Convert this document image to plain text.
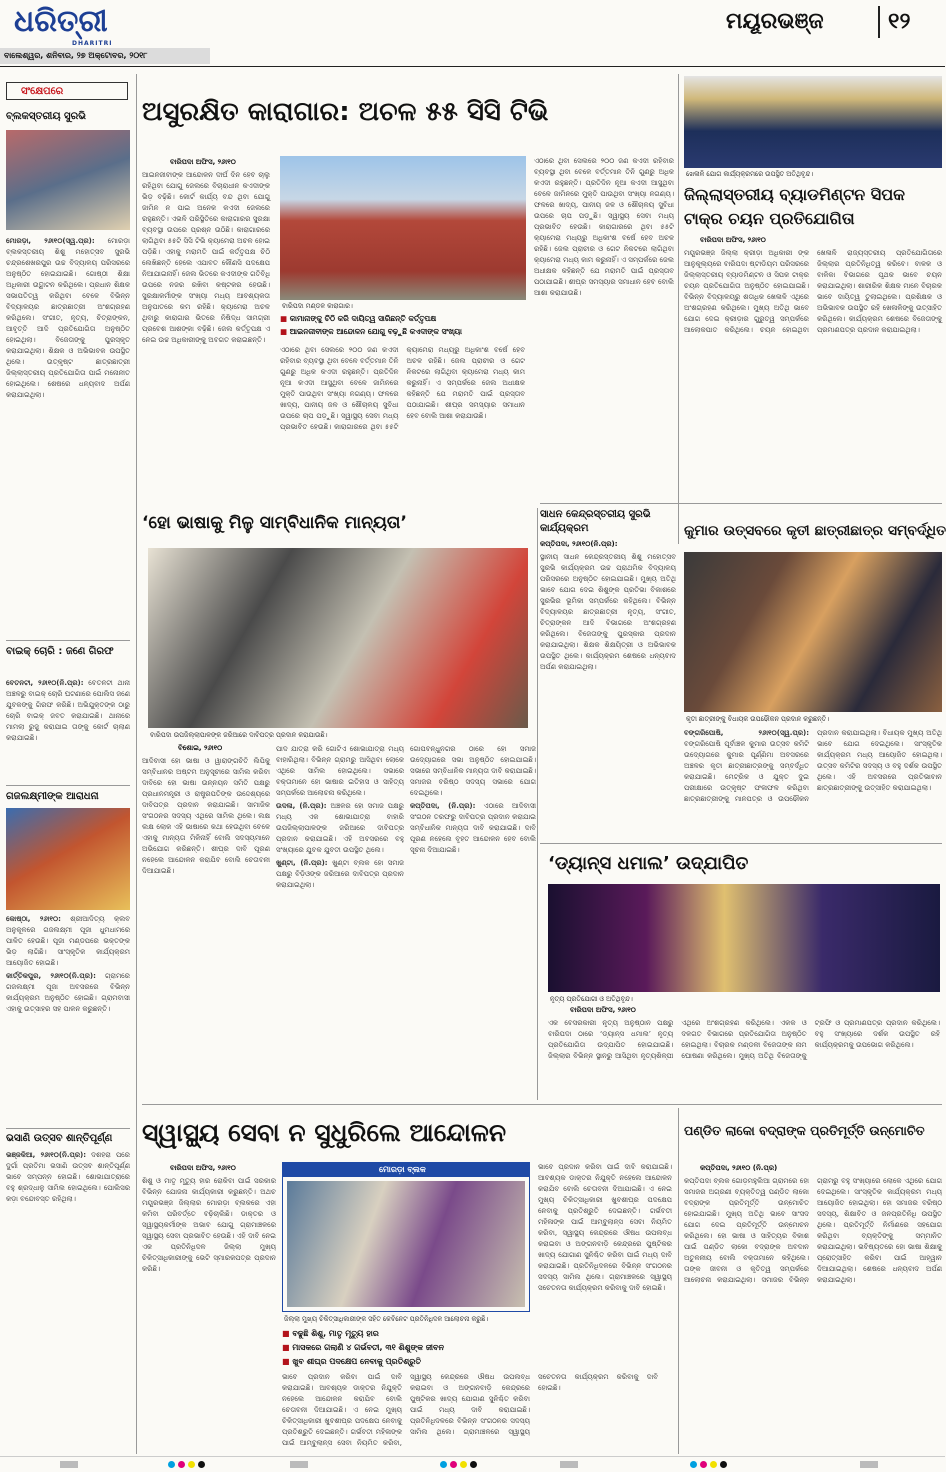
ଧରିତ୍ରୀ
DHARITRI
ବାଲେଶ୍ୱର, ଶନିବାର, ୨୭ ଅକ୍ଟୋବର, ୨୦୧୮
ମୟୂରଭଞ୍ଜ	୧୨
ସଂକ୍ଷେପରେ
ବ୍ଲକସ୍ତରୀୟ ସୁରଭି

ମୋରଡ଼ା, ୨୬ା୧୦(ସ୍ୱ.ପ୍ର): ମୋରଡ଼ା ବ୍ଲକସ୍ତରୀୟ ଶିଶୁ ମହୋତ୍ସବ ସୁରଭି ଚନ୍ଦ୍ରଶେଖରପୁର ଉଚ୍ଚ ବିଦ୍ୟାଳୟ ପରିସରରେ ଅନୁଷ୍ଠିତ ହୋଇଯାଇଛି। ଗୋଷ୍ଠୀ ଶିକ୍ଷା ଅଧିକାରୀ ଉଦ୍ଘାଟନ କରିଥିଲେ। ପ୍ରଧାନ ଶିକ୍ଷକ ସଭାପତିତ୍ୱ କରିଥିବା ବେଳେ ବିଭିନ୍ନ ବିଦ୍ୟାଳୟର ଛାତ୍ରଛାତ୍ରୀ ଅଂଶଗ୍ରହଣ କରିଥିଲେ। ସଂଗୀତ, ନୃତ୍ୟ, ଚିତ୍ରାଙ୍କନ, ଆବୃତ୍ତି ଆଦି ପ୍ରତିଯୋଗିତା ଅନୁଷ୍ଠିତ ହୋଇଥିଲା। ବିଜେତାଙ୍କୁ ପୁରସ୍କୃତ କରାଯାଇଥିଲା। ଶିକ୍ଷକ ଓ ଅଭିଭାବକ ଉପସ୍ଥିତ ଥିଲେ। ଉତ୍କୃଷ୍ଟ ଛାତ୍ରଛାତ୍ରୀ ଜିଲ୍ଲାସ୍ତରୀୟ ପ୍ରତିଯୋଗିତା ପାଇଁ ମନୋନୀତ ହୋଇଥିଲେ। ଶେଷରେ ଧନ୍ୟବାଦ ଅର୍ପଣ କରାଯାଇଥିଲା।

ବାଇକ୍ ଚୋରି : ଜଣେ ଗିରଫ

ବେତନଟୀ, ୨୬ା୧୦(ନି.ପ୍ର): ବେତନଟୀ ଥାନା ଅଞ୍ଚଳରୁ ବାଇକ୍ ଚୋରି ଘଟଣାରେ ପୋଲିସ ଜଣେ ଯୁବକଙ୍କୁ ଗିରଫ କରିଛି। ଅଭିଯୁକ୍ତଙ୍କ ଠାରୁ ଚୋରି ବାଇକ୍ ଜବତ କରାଯାଇଛି। ଥାନାରେ ମାମଲା ରୁଜୁ କରାଯାଇ ତାଙ୍କୁ କୋର୍ଟ ଚାଲାଣ କରାଯାଇଛି।

ଗଜଲକ୍ଷ୍ମୀଙ୍କ ଆରାଧନା

କୋଷ୍ଠା, ୨୬ା୧୦: ଶ୍ରୀଆଦିତ୍ୟ କ୍ଲବ ଅନୁକୂଳରେ ଗଜଲକ୍ଷ୍ମୀ ପୂଜା ଧୁମଧାମରେ ପାଳିତ ହେଉଛି। ପୂଜା ମଣ୍ଡପରେ ଭକ୍ତଙ୍କ ଭିଡ଼ ଲାଗିଛି। ସାଂସ୍କୃତିକ କାର୍ଯ୍ୟକ୍ରମ ଆୟୋଜିତ ହୋଇଛି।

କାର୍ତ୍ତିକପୁର, ୨୬ା୧୦(ନି.ପ୍ର): ଗ୍ରାମରେ ଗଜଲକ୍ଷ୍ମୀ ପୂଜା ଅବସରରେ ବିଭିନ୍ନ କାର୍ଯ୍ୟକ୍ରମ ଅନୁଷ୍ଠିତ ହୋଇଛି। ଗ୍ରାମବାସୀ ଏହାକୁ ଉତ୍ସାହର ସହ ପାଳନ କରୁଛନ୍ତି।

ଭସାଣି ଉତ୍ସବ ଶାନ୍ତିପୂର୍ଣ୍ଣ

ଭଞ୍ଜକିଆ, ୨୬ା୧୦(ନି.ପ୍ର): ଦଶହରା ପରେ ଦୁର୍ଗା ପ୍ରତିମା ଭସାଣି ଉତ୍ସବ ଶାନ୍ତିପୂର୍ଣ୍ଣ ଭାବେ ସମ୍ପନ୍ନ ହୋଇଛି। ଶୋଭାଯାତ୍ରାରେ ବହୁ ଶ୍ରଦ୍ଧାଳୁ ସାମିଲ ହୋଇଥିଲେ। ପୋଲିସର କଡ଼ା ବନ୍ଦୋବସ୍ତ ରହିଥିଲା।

ଅସୁରକ୍ଷିତ କାରାଗାର: ଅଚଳ ୫୫ ସିସି ଟିଭି
ବାରିପଦା ଅଫିସ, ୨୬ା୧୦
ଆଇନଜୀବୀଙ୍କ ଆନ୍ଦୋଳନ ଦୀର୍ଘ ଦିନ ହେବ ଚାଲୁ ରହିଥିବା ଯୋଗୁ ଜେଲରେ ବିଚାରାଧୀନ କଏଦୀଙ୍କ ଭିଡ଼ ବଢ଼ିଛି। କୋର୍ଟ କାର୍ଯ୍ୟ ବନ୍ଦ ଥିବା ଯୋଗୁ ଜାମିନ ନ ପାଇ ଅନେକ କଏଦୀ ଜେଲରେ ରହୁଛନ୍ତି। ଏଭଳି ପରିସ୍ଥିତିରେ କାରାଗାରର ସୁରକ୍ଷା ବ୍ୟବସ୍ଥା ଉପରେ ପ୍ରଶ୍ନ ଉଠିଛି। କାରାଗାରରେ ଲାଗିଥିବା ୫୫ଟି ସିସି ଟିଭି କ୍ୟାମେରା ଅଚଳ ହୋଇ ପଡ଼ିଛି। ଏହାକୁ ମରାମତି ପାଇଁ କର୍ତ୍ତୃପକ୍ଷ ଚିଠି ଲେଖିଛନ୍ତି ହେଲେ ଏଯାବତ କୌଣସି ପଦକ୍ଷେପ ନିଆଯାଇନାହିଁ। ଜେଲ ଭିତରେ କଏଦୀଙ୍କ ଗତିବିଧି ଉପରେ ନଜର ରଖିବା କଷ୍ଟକର ହେଉଛି। ସୁରକ୍ଷାକର୍ମୀଙ୍କ ସଂଖ୍ୟା ମଧ୍ୟ ଆବଶ୍ୟକତା ଅନୁପାତରେ କମ ରହିଛି। କ୍ୟାମେରା ଅଚଳ ଥିବାରୁ କାରାଗାର ଭିତରେ ନିଷିଦ୍ଧ ସାମଗ୍ରୀ ପ୍ରବେଶ ଆଶଙ୍କା ବଢ଼ିଛି। ଜେଲ କର୍ତ୍ତୃପକ୍ଷ ଏ ନେଇ ଉଚ୍ଚ ଅଧିକାରୀଙ୍କୁ ଅବଗତ କରାଇଛନ୍ତି।
ବାରିପଦା ମଣ୍ଡଳ କାରାଗାର।
■ କାମାନାଙ୍କୁ ଚିଠି କରି ଦାୟିତ୍ୱ ସାରିଛନ୍ତି କର୍ତ୍ତୃପକ୍ଷ
■ ଆଇନଜୀବୀଙ୍କ ଆନ୍ଦୋଳନ ଯୋଗୁ ବଢ଼ୁଛି କଏଦୀଙ୍କ ସଂଖ୍ୟା
ଏଠାରେ ଥିବା ସେଲରେ ୨୦୦ ଜଣ କଏଦୀ ରହିବାର ବ୍ୟବସ୍ଥା ଥିବା ବେଳେ ବର୍ତ୍ତମାନ ତିନି ଗୁଣରୁ ଅଧିକ କଏଦୀ ରହୁଛନ୍ତି। ପ୍ରତିଦିନ ନୂଆ କଏଦୀ ଆସୁଥିବା ବେଳେ ଜାମିନରେ ମୁକ୍ତି ପାଉଥିବା ସଂଖ୍ୟା ନଗଣ୍ୟ। ଫଳରେ ଖାଦ୍ୟ, ପାନୀୟ ଜଳ ଓ ଶୌଚାଳୟ ସୁବିଧା ଉପରେ ଚାପ ପଡ଼ୁଛି। ସ୍ୱାସ୍ଥ୍ୟ ସେବା ମଧ୍ୟ ପ୍ରଭାବିତ ହେଉଛି। କାରାଗାରରେ ଥିବା ୫୫ଟି କ୍ୟାମେରା ମଧ୍ୟରୁ ଅଧିକାଂଶ ବର୍ଷେ ହେବ ଅଚଳ ରହିଛି। ଜେଲ ପ୍ରାଚୀର ଓ ଗେଟ ନିକଟରେ ଲାଗିଥିବା କ୍ୟାମେରା ମଧ୍ୟ କାମ କରୁନାହିଁ। ଏ ସମ୍ପର୍କରେ ଜେଲ ଅଧୀକ୍ଷକ କହିଛନ୍ତି ଯେ ମରାମତି ପାଇଁ ପ୍ରସ୍ତାବ ପଠାଯାଇଛି। ଶୀଘ୍ର ସମସ୍ୟାର ସମାଧାନ ହେବ ବୋଲି ଆଶା କରାଯାଉଛି।
ଏଠାରେ ଥିବା ସେଲରେ ୨୦୦ ଜଣ କଏଦୀ ରହିବାର ବ୍ୟବସ୍ଥା ଥିବା ବେଳେ ବର୍ତ୍ତମାନ ତିନି ଗୁଣରୁ ଅଧିକ କଏଦୀ ରହୁଛନ୍ତି। ପ୍ରତିଦିନ ନୂଆ କଏଦୀ ଆସୁଥିବା ବେଳେ ଜାମିନରେ ମୁକ୍ତି ପାଉଥିବା ସଂଖ୍ୟା ନଗଣ୍ୟ। ଫଳରେ ଖାଦ୍ୟ, ପାନୀୟ ଜଳ ଓ ଶୌଚାଳୟ ସୁବିଧା ଉପରେ ଚାପ ପଡ଼ୁଛି। ସ୍ୱାସ୍ଥ୍ୟ ସେବା ମଧ୍ୟ ପ୍ରଭାବିତ ହେଉଛି। କାରାଗାରରେ ଥିବା ୫୫ଟି କ୍ୟାମେରା ମଧ୍ୟରୁ ଅଧିକାଂଶ ବର୍ଷେ ହେବ ଅଚଳ ରହିଛି। ଜେଲ ପ୍ରାଚୀର ଓ ଗେଟ ନିକଟରେ ଲାଗିଥିବା କ୍ୟାମେରା ମଧ୍ୟ କାମ କରୁନାହିଁ। ଏ ସମ୍ପର୍କରେ ଜେଲ ଅଧୀକ୍ଷକ କହିଛନ୍ତି ଯେ ମରାମତି ପାଇଁ ପ୍ରସ୍ତାବ ପଠାଯାଇଛି। ଶୀଘ୍ର ସମସ୍ୟାର ସମାଧାନ ହେବ ବୋଲି ଆଶା କରାଯାଉଛି।
ସାଧନ କେନ୍ଦ୍ରସ୍ତରୀୟ ସୁରଭି କାର୍ଯ୍ୟକ୍ରମ
କପ୍ତିପଦା, ୨୬ା୧୦(ନି.ପ୍ର):
ସ୍ଥାନୀୟ ସାଧନ କେନ୍ଦ୍ରସ୍ତରୀୟ ଶିଶୁ ମହୋତ୍ସବ ସୁରଭି କାର୍ଯ୍ୟକ୍ରମ ଉଚ୍ଚ ପ୍ରାଥମିକ ବିଦ୍ୟାଳୟ ପରିସରରେ ଅନୁଷ୍ଠିତ ହୋଇଯାଇଛି। ମୁଖ୍ୟ ଅତିଥି ଭାବେ ଯୋଗ ଦେଇ ଶିଶୁଙ୍କ ପ୍ରତିଭା ବିକାଶରେ ସୁରଭିର ଭୂମିକା ସମ୍ପର୍କରେ କହିଥିଲେ। ବିଭିନ୍ନ ବିଦ୍ୟାଳୟର ଛାତ୍ରଛାତ୍ରୀ ନୃତ୍ୟ, ସଂଗୀତ, ଚିତ୍ରାଙ୍କନ ଆଦି ବିଭାଗରେ ଅଂଶଗ୍ରହଣ କରିଥିଲେ। ବିଜେତାଙ୍କୁ ପୁରସ୍କାର ପ୍ରଦାନ କରାଯାଇଥିଲା। ଶିକ୍ଷକ ଶିକ୍ଷୟିତ୍ରୀ ଓ ଅଭିଭାବକ ଉପସ୍ଥିତ ଥିଲେ। କାର୍ଯ୍ୟକ୍ରମ ଶେଷରେ ଧନ୍ୟବାଦ ଅର୍ପଣ କରାଯାଇଥିଲା।
ଖେଳାଳି ଯୋଗ କାର୍ଯ୍ୟକ୍ରମରେ ଉପସ୍ଥିତ ଅତିଥିବୃନ୍ଦ।
ଜିଲ୍ଲାସ୍ତରୀୟ ବ୍ୟାଡମିଣ୍ଟନ ସିପକ ଟାକ୍ର ଚୟନ ପ୍ରତିଯୋଗିତା
ବାରିପଦା ଅଫିସ, ୨୬ା୧୦
ମୟୂରଭଞ୍ଜ ଜିଲ୍ଲା କ୍ରୀଡ଼ା ଅଧିକାରୀ ଙ୍କ ଆନୁକୂଲ୍ୟରେ ବାରିପଦା ଷ୍ଟାଡିୟମ ପରିସରରେ ଜିଲ୍ଲାସ୍ତରୀୟ ବ୍ୟାଡମିଣ୍ଟନ ଓ ସିପକ ଟାକ୍ର ଚୟନ ପ୍ରତିଯୋଗିତା ଅନୁଷ୍ଠିତ ହୋଇଯାଇଛି। ବିଭିନ୍ନ ବିଦ୍ୟାଳୟରୁ ଶତାଧିକ ଖେଳାଳି ଏଥିରେ ଅଂଶଗ୍ରହଣ କରିଥିଲେ। ମୁଖ୍ୟ ଅତିଥି ଭାବେ ଯୋଗ ଦେଇ କ୍ରୀଡ଼ାର ଗୁରୁତ୍ୱ ସମ୍ପର୍କରେ ଆଲୋକପାତ କରିଥିଲେ। ଚୟନ ହୋଇଥିବା ଖେଳାଳି ରାଜ୍ୟସ୍ତରୀୟ ପ୍ରତିଯୋଗିତାରେ ଜିଲ୍ଲାର ପ୍ରତିନିଧିତ୍ୱ କରିବେ। ବାଳକ ଓ ବାଳିକା ବିଭାଗରେ ପୃଥକ ଭାବେ ଚୟନ କରାଯାଇଥିଲା। ଶାରୀରିକ ଶିକ୍ଷକ ମାନେ ବିଚାରକ ଭାବେ ଦାୟିତ୍ୱ ତୁଲାଇଥିଲେ। ପ୍ରଶିକ୍ଷକ ଓ ଅଭିଭାବକ ଉପସ୍ଥିତ ରହି ଖେଳାଳିଙ୍କୁ ଉତ୍ସାହିତ କରିଥିଲେ। କାର୍ଯ୍ୟକ୍ରମ ଶେଷରେ ବିଜେତାଙ୍କୁ ପ୍ରମାଣପତ୍ର ପ୍ରଦାନ କରାଯାଇଥିଲା।
‘ହୋ ଭାଷାକୁ ମିଳୁ ସାମ୍ବିଧାନିକ ମାନ୍ୟତା’
ବାରିପଦା ଉପଜିଲ୍ଲାପାଳଙ୍କ ଜରିଆରେ ଦାବିପତ୍ର ପ୍ରଦାନ କରାଯାଉଛି।
ବିଶୋଇ, ୨୬ା୧୦
ଆଦିବାସୀ ହୋ ଭାଷା ଓ ୱାରାଙ୍ଗଚିତି ଲିପିକୁ ସମ୍ବିଧାନର ଅଷ୍ଟମ ଅନୁସୂଚୀରେ ସାମିଲ କରିବା ଦାବିରେ ହୋ ଭାଷା ଉନ୍ନୟନ ସମିତି ପକ୍ଷରୁ ପ୍ରଧାନମନ୍ତ୍ରୀ ଓ ରାଷ୍ଟ୍ରପତିଙ୍କ ଉଦ୍ଦେଶ୍ୟରେ ଦାବିପତ୍ର ପ୍ରଦାନ କରାଯାଇଛି। ସାମାଜିକ ସଂଗଠନର ସଦସ୍ୟ ଏଥିରେ ସାମିଲ ଥିଲେ। ଲକ୍ଷ ଲକ୍ଷ ଲୋକ ଏହି ଭାଷାରେ କଥା ହେଉଥିବା ବେଳେ ଏହାକୁ ମାନ୍ୟତା ମିଳିନାହିଁ ବୋଲି ସଦସ୍ୟମାନେ ଅଭିଯୋଗ କରିଛନ୍ତି। ଶୀଘ୍ର ଦାବି ପୂରଣ ନହେଲେ ଆନ୍ଦୋଳନ କରାଯିବ ବୋଲି ଚେତାବନୀ ଦିଆଯାଇଛି।

ପାଦ ଯାତ୍ରା କରି ଗୋଟିଏ ଶୋଭାଯାତ୍ରା ମଧ୍ୟ ବାହାରିଥିଲା। ବିଭିନ୍ନ ଗ୍ରାମରୁ ଆସିଥିବା ଲୋକେ ଏଥିରେ ସାମିଲ ହୋଇଥିଲେ। ସଭାରେ ବକ୍ତାମାନେ ହୋ ଭାଷାର ଇତିହାସ ଓ ସାହିତ୍ୟ ସମ୍ପର୍କରେ ଆଲୋଚନା କରିଥିଲେ।

ଉଦଳା, (ନି.ପ୍ର): ଅଞ୍ଚଳର ହୋ ସମାଜ ପକ୍ଷରୁ ମଧ୍ୟ ଏକ ଶୋଭାଯାତ୍ରା ବାହାରି ଉପଜିଲ୍ଲାପାଳଙ୍କ ଜରିଆରେ ଦାବିପତ୍ର ପ୍ରଦାନ କରାଯାଇଛି। ଏହି ଅବସରରେ ବହୁ ସଂଖ୍ୟାରେ ଯୁବକ ଯୁବତୀ ଉପସ୍ଥିତ ଥିଲେ।

ଖୁଣ୍ଟା, (ନି.ପ୍ର): ଖୁଣ୍ଟା ବ୍ଲକ ହୋ ସମାଜ ପକ୍ଷରୁ ବିଡ଼ିଓଙ୍କ ଜରିଆରେ ଦାବିପତ୍ର ପ୍ରଦାନ କରାଯାଇଥିଲା।

ଗୋପବନ୍ଧୁନଗର ଠାରେ ହୋ ସମାଜ ଉଦ୍ୟୋଗରେ ସଭା ଅନୁଷ୍ଠିତ ହୋଇଯାଇଛି। ସଭାରେ ସମ୍ବିଧାନିକ ମାନ୍ୟତା ଦାବି କରାଯାଇଛି। ସମାଜର ବରିଷ୍ଠ ସଦସ୍ୟ ସଭାରେ ଯୋଗ ଦେଇଥିଲେ।

କପ୍ତିପଦା, (ନି.ପ୍ର): ଏଠାରେ ଆଦିବାସୀ ସଂଗଠନ ତରଫରୁ ଦାବିପତ୍ର ପ୍ରଦାନ କରାଯାଇ ସମ୍ବିଧାନିକ ମାନ୍ୟତା ଦାବି କରାଯାଇଛି। ଦାବି ପୂରଣ ନହେଲେ ବୃହତ ଆନ୍ଦୋଳନ ହେବ ବୋଲି ସୂଚନା ଦିଆଯାଇଛି।

କୁମାର ଉତ୍ସବରେ କୃତୀ ଛାତ୍ରୀଛାତ୍ର ସମ୍ବର୍ଦ୍ଧିତ
କୃତୀ ଛାତ୍ରୀଙ୍କୁ ବିଧାୟକ ଉପଢୌକନ ପ୍ରଦାନ କରୁଛନ୍ତି।
ବଙ୍ଗରିପୋଷି, ୨୬ା୧୦(ସ୍ୱ.ପ୍ର): ବଙ୍ଗରିପୋଷି ପୂର୍ବାଞ୍ଚଳ କୁମାର ଉତ୍ସବ କମିଟି ଉଦ୍ୟୋଗରେ କୁମାର ପୂର୍ଣ୍ଣିମା ଅବସରରେ ଅଞ୍ଚଳର କୃତୀ ଛାତ୍ରୀଛାତ୍ରଙ୍କୁ ସମ୍ବର୍ଦ୍ଧିତ କରାଯାଇଛି। ମେଟ୍ରିକ ଓ ଯୁକ୍ତ ଦୁଇ ପରୀକ୍ଷାରେ ଉତ୍କୃଷ୍ଟ ଫଳାଫଳ କରିଥିବା ଛାତ୍ରଛାତ୍ରୀଙ୍କୁ ମାନପତ୍ର ଓ ଉପଢୌକନ ପ୍ରଦାନ କରାଯାଇଥିଲା। ବିଧାୟକ ମୁଖ୍ୟ ଅତିଥି ଭାବେ ଯୋଗ ଦେଇଥିଲେ। ସାଂସ୍କୃତିକ କାର୍ଯ୍ୟକ୍ରମ ମଧ୍ୟ ଆୟୋଜିତ ହୋଇଥିଲା। ଉତ୍ସବ କମିଟିର ସଦସ୍ୟ ଓ ବହୁ ଦର୍ଶକ ଉପସ୍ଥିତ ଥିଲେ। ଏହି ଅବସରରେ ପ୍ରତିଭାବାନ ଛାତ୍ରଛାତ୍ରୀଙ୍କୁ ଉତ୍ସାହିତ କରାଯାଇଥିଲା।
‘ଡ୍ୟାନ୍ସ ଧମାଲ’ ଉଦ୍ଯାପିତ
ନୃତ୍ୟ ପ୍ରତିଯୋଗୀ ଓ ଅତିଥିବୃନ୍ଦ।
ବାରିପଦା ଅଫିସ, ୨୬ା୧୦
ଏକ ବେସରକାରୀ ନୃତ୍ୟ ଅନୁଷ୍ଠାନ ପକ୍ଷରୁ ବାରିପଦା ଠାରେ ‘ଡ୍ୟାନ୍ସ ଧମାଲ’ ନୃତ୍ୟ ପ୍ରତିଯୋଗିତା ଉଦ୍ଯାପିତ ହୋଇଯାଇଛି। ଜିଲ୍ଲାର ବିଭିନ୍ନ ସ୍ଥାନରୁ ଆସିଥିବା ନୃତ୍ୟଶିଳ୍ପୀ ଏଥିରେ ଅଂଶଗ୍ରହଣ କରିଥିଲେ। ଏକକ ଓ ଦଳଗତ ବିଭାଗରେ ପ୍ରତିଯୋଗିତା ଅନୁଷ୍ଠିତ ହୋଇଥିଲା। ବିଚାରକ ମଣ୍ଡଳୀ ବିଜେତାଙ୍କ ନାମ ଘୋଷଣା କରିଥିଲେ। ମୁଖ୍ୟ ଅତିଥି ବିଜେତାଙ୍କୁ ଟ୍ରଫି ଓ ପ୍ରମାଣପତ୍ର ପ୍ରଦାନ କରିଥିଲେ। ବହୁ ସଂଖ୍ୟାରେ ଦର୍ଶକ ଉପସ୍ଥିତ ରହି କାର୍ଯ୍ୟକ୍ରମକୁ ଉପଭୋଗ କରିଥିଲେ।
ସ୍ୱାସ୍ଥ୍ୟ ସେବା ନ ସୁଧୁରିଲେ ଆନ୍ଦୋଳନ
ବାରିପଦା ଅଫିସ, ୨୬ା୧୦
ଶିଶୁ ଓ ମାତୃ ମୃତ୍ୟୁ ହାର ରୋକିବା ପାଇଁ ସରକାର ବିଭିନ୍ନ ଯୋଜନା କାର୍ଯ୍ୟକାରୀ କରୁଛନ୍ତି। ଅଥଚ ମୟୂରଭଞ୍ଜ ଜିଲ୍ଲାର ମୋରଡ଼ା ବ୍ଲକରେ ଏହା କମିବା ପରିବର୍ତ୍ତେ ବଢ଼ିଚାଲିଛି। ଡାକ୍ତର ଓ ସ୍ୱାସ୍ଥ୍ୟକର୍ମୀଙ୍କ ଅଭାବ ଯୋଗୁ ଗ୍ରାମାଞ୍ଚଳରେ ସ୍ୱାସ୍ଥ୍ୟ ସେବା ପ୍ରଭାବିତ ହେଉଛି। ଏହି ଦାବି ନେଇ ଏକ ପ୍ରତିନିଧିଦଳ ଜିଲ୍ଲା ମୁଖ୍ୟ ଚିକିତ୍ସାଧିକାରୀଙ୍କୁ ଭେଟି ସ୍ମାରକପତ୍ର ପ୍ରଦାନ କରିଛି।
ମୋରଡ଼ା ବ୍ଲକ
ଜିଲ୍ଲା ମୁଖ୍ୟ ଚିକିତ୍ସାଧିକାରୀଙ୍କ ସହିତ କେବିନେଟ ପ୍ରତିନିଧିଦଳ ଆଲୋଚନା କରୁଛି।
■ ବଢୁଛି ଶିଶୁ, ମାତୃ ମୃତ୍ୟୁ ହାର
■ ମାସକରେ ଗଲାଣି ୪ ଗର୍ଭବତୀ, ୩୧ ଶିଶୁଙ୍କ ଜୀବନ
■ ଖୁବ ଶୀଘ୍ର ପଦକ୍ଷେପ ନେବାକୁ ପ୍ରତିଶ୍ରୁତି
ଭାବେ ପ୍ରଦାନ କରିବା ପାଇଁ ଦାବି କରାଯାଇଛି। ଆବଶ୍ୟକ ଡାକ୍ତର ନିଯୁକ୍ତି ନହେଲେ ଆନ୍ଦୋଳନ କରାଯିବ ବୋଲି ଚେତାବନୀ ଦିଆଯାଇଛି। ଏ ନେଇ ମୁଖ୍ୟ ଚିକିତ୍ସାଧିକାରୀ ଖୁବଶୀଘ୍ର ପଦକ୍ଷେପ ନେବାକୁ ପ୍ରତିଶ୍ରୁତି ଦେଇଛନ୍ତି। ଗର୍ଭବତୀ ମହିଳାଙ୍କ ପାଇଁ ଆମ୍ବୁଲାନ୍ସ ସେବା ନିୟମିତ କରିବା, ସ୍ୱାସ୍ଥ୍ୟ କେନ୍ଦ୍ରରେ ଔଷଧ ଉପଲବ୍ଧ କରାଇବା ଓ ଅଙ୍ଗନବାଡ଼ି କେନ୍ଦ୍ରରେ ପୁଷ୍ଟିକର ଖାଦ୍ୟ ଯୋଗାଣ ସୁନିଶ୍ଚିତ କରିବା ପାଇଁ ମଧ୍ୟ ଦାବି କରାଯାଇଛି। ପ୍ରତିନିଧିଦଳରେ ବିଭିନ୍ନ ସଂଗଠନର ସଦସ୍ୟ ସାମିଲ ଥିଲେ। ଗ୍ରାମାଞ୍ଚଳରେ ସ୍ୱାସ୍ଥ୍ୟ ସଚେତନତା କାର୍ଯ୍ୟକ୍ରମ କରିବାକୁ ଦାବି ହୋଇଛି।
ଭାବେ ପ୍ରଦାନ କରିବା ପାଇଁ ଦାବି କରାଯାଇଛି। ଆବଶ୍ୟକ ଡାକ୍ତର ନିଯୁକ୍ତି ନହେଲେ ଆନ୍ଦୋଳନ କରାଯିବ ବୋଲି ଚେତାବନୀ ଦିଆଯାଇଛି। ଏ ନେଇ ମୁଖ୍ୟ ଚିକିତ୍ସାଧିକାରୀ ଖୁବଶୀଘ୍ର ପଦକ୍ଷେପ ନେବାକୁ ପ୍ରତିଶ୍ରୁତି ଦେଇଛନ୍ତି। ଗର୍ଭବତୀ ମହିଳାଙ୍କ ପାଇଁ ଆମ୍ବୁଲାନ୍ସ ସେବା ନିୟମିତ କରିବା, ସ୍ୱାସ୍ଥ୍ୟ କେନ୍ଦ୍ରରେ ଔଷଧ ଉପଲବ୍ଧ କରାଇବା ଓ ଅଙ୍ଗନବାଡ଼ି କେନ୍ଦ୍ରରେ ପୁଷ୍ଟିକର ଖାଦ୍ୟ ଯୋଗାଣ ସୁନିଶ୍ଚିତ କରିବା ପାଇଁ ମଧ୍ୟ ଦାବି କରାଯାଇଛି। ପ୍ରତିନିଧିଦଳରେ ବିଭିନ୍ନ ସଂଗଠନର ସଦସ୍ୟ ସାମିଲ ଥିଲେ। ଗ୍ରାମାଞ୍ଚଳରେ ସ୍ୱାସ୍ଥ୍ୟ ସଚେତନତା କାର୍ଯ୍ୟକ୍ରମ କରିବାକୁ ଦାବି ହୋଇଛି।
ପଣ୍ଡିତ ଲାକୋ ବଦ୍ରାଙ୍କ ପ୍ରତିମୂର୍ତ୍ତି ଉନ୍ମୋଚିତ
କପ୍ତିପଦା, ୨୬ା୧୦ (ନି.ପ୍ର)
କପ୍ତିପଦା ବ୍ଲକ ଗୋଡ଼ମହୁଲିଆ ଗ୍ରାମରେ ହୋ ସମାଜର ଅଗ୍ରଣୀ ବ୍ୟକ୍ତିତ୍ୱ ପଣ୍ଡିତ ଲାକୋ ବଦ୍ରାଙ୍କ ପ୍ରତିମୂର୍ତ୍ତି ଉନ୍ମୋଚିତ ହୋଇଯାଇଛି। ମୁଖ୍ୟ ଅତିଥି ଭାବେ ସାଂସଦ ଯୋଗ ଦେଇ ପ୍ରତିମୂର୍ତ୍ତି ଉନ୍ମୋଚନ କରିଥିଲେ। ହୋ ଭାଷା ଓ ସାହିତ୍ୟର ବିକାଶ ପାଇଁ ପଣ୍ଡିତ ଲାକୋ ବଦ୍ରାଙ୍କ ଅବଦାନ ଅତୁଳନୀୟ ବୋଲି ବକ୍ତାମାନେ କହିଥିଲେ। ତାଙ୍କ ଜୀବନୀ ଓ କୃତିତ୍ୱ ସମ୍ପର୍କରେ ଆଲୋଚନା କରାଯାଇଥିଲା। ସମାଜର ବିଭିନ୍ନ ଗ୍ରାମରୁ ବହୁ ସଂଖ୍ୟାରେ ଲୋକେ ଏଥିରେ ଯୋଗ ଦେଇଥିଲେ। ସାଂସ୍କୃତିକ କାର୍ଯ୍ୟକ୍ରମ ମଧ୍ୟ ଆୟୋଜିତ ହୋଇଥିଲା। ହୋ ସମାଜର ବରିଷ୍ଠ ସଦସ୍ୟ, ଶିକ୍ଷାବିତ ଓ ଜନପ୍ରତିନିଧି ଉପସ୍ଥିତ ଥିଲେ। ପ୍ରତିମୂର୍ତ୍ତି ନିର୍ମାଣରେ ସହଯୋଗ କରିଥିବା ବ୍ୟକ୍ତିଙ୍କୁ ସମ୍ମାନିତ କରାଯାଇଥିଲା। ଭବିଷ୍ୟତରେ ହୋ ଭାଷା ଶିକ୍ଷାକୁ ପ୍ରୋତ୍ସାହିତ କରିବା ପାଇଁ ଆହ୍ୱାନ ଦିଆଯାଇଥିଲା। ଶେଷରେ ଧନ୍ୟବାଦ ଅର୍ପଣ କରାଯାଇଥିଲା।
